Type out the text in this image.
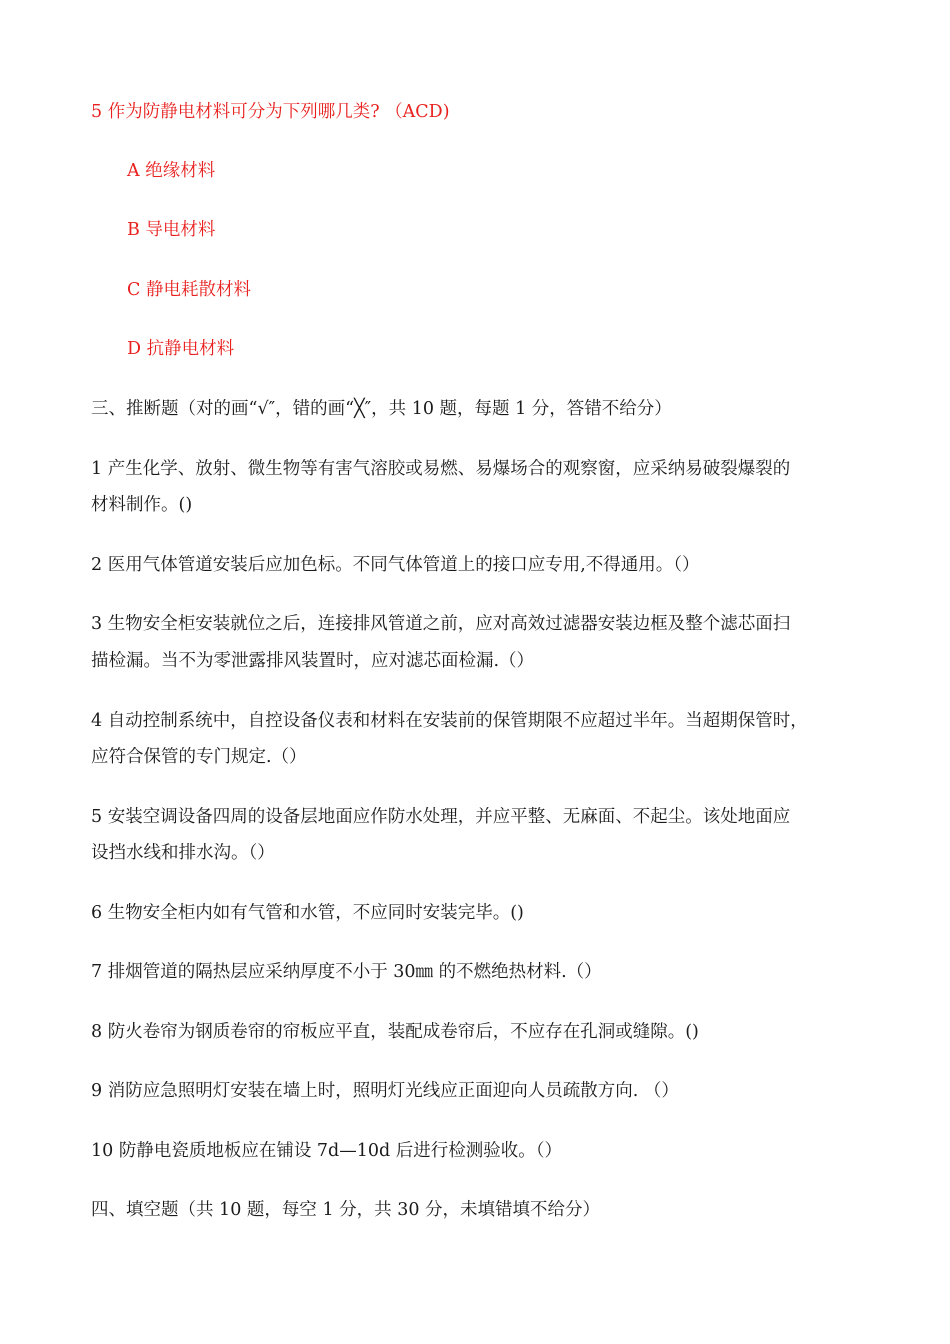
5 作为防静电材料可分为下列哪几类? （ACD)
A 绝缘材料
B 导电材料
C 静电耗散材料
D 抗静电材料
三、推断题（对的画“√″，错的画“╳″，共 10 题，每题 1 分，答错不给分）
1 产生化学、放射、微生物等有害气溶胶或易燃、易爆场合的观察窗，应采纳易破裂爆裂的
材料制作。()
2 医用气体管道安装后应加色标。不同气体管道上的接口应专用,不得通用。（）
3 生物安全柜安装就位之后，连接排风管道之前，应对高效过滤器安装边框及整个滤芯面扫
描检漏。当不为零泄露排风装置时，应对滤芯面检漏.（）
4 自动控制系统中，自控设备仪表和材料在安装前的保管期限不应超过半年。当超期保管时，
应符合保管的专门规定.（）
5 安装空调设备四周的设备层地面应作防水处理，并应平整、无麻面、不起尘。该处地面应
设挡水线和排水沟。（）
6 生物安全柜内如有气管和水管，不应同时安装完毕。()
7 排烟管道的隔热层应采纳厚度不小于 30㎜ 的不燃绝热材料.（）
8 防火卷帘为钢质卷帘的帘板应平直，装配成卷帘后，不应存在孔洞或缝隙。()
9 消防应急照明灯安装在墙上时，照明灯光线应正面迎向人员疏散方向. （）
10 防静电瓷质地板应在铺设 7d—10d 后进行检测验收。（）
四、填空题（共 10 题，每空 1 分，共 30 分，未填错填不给分）
